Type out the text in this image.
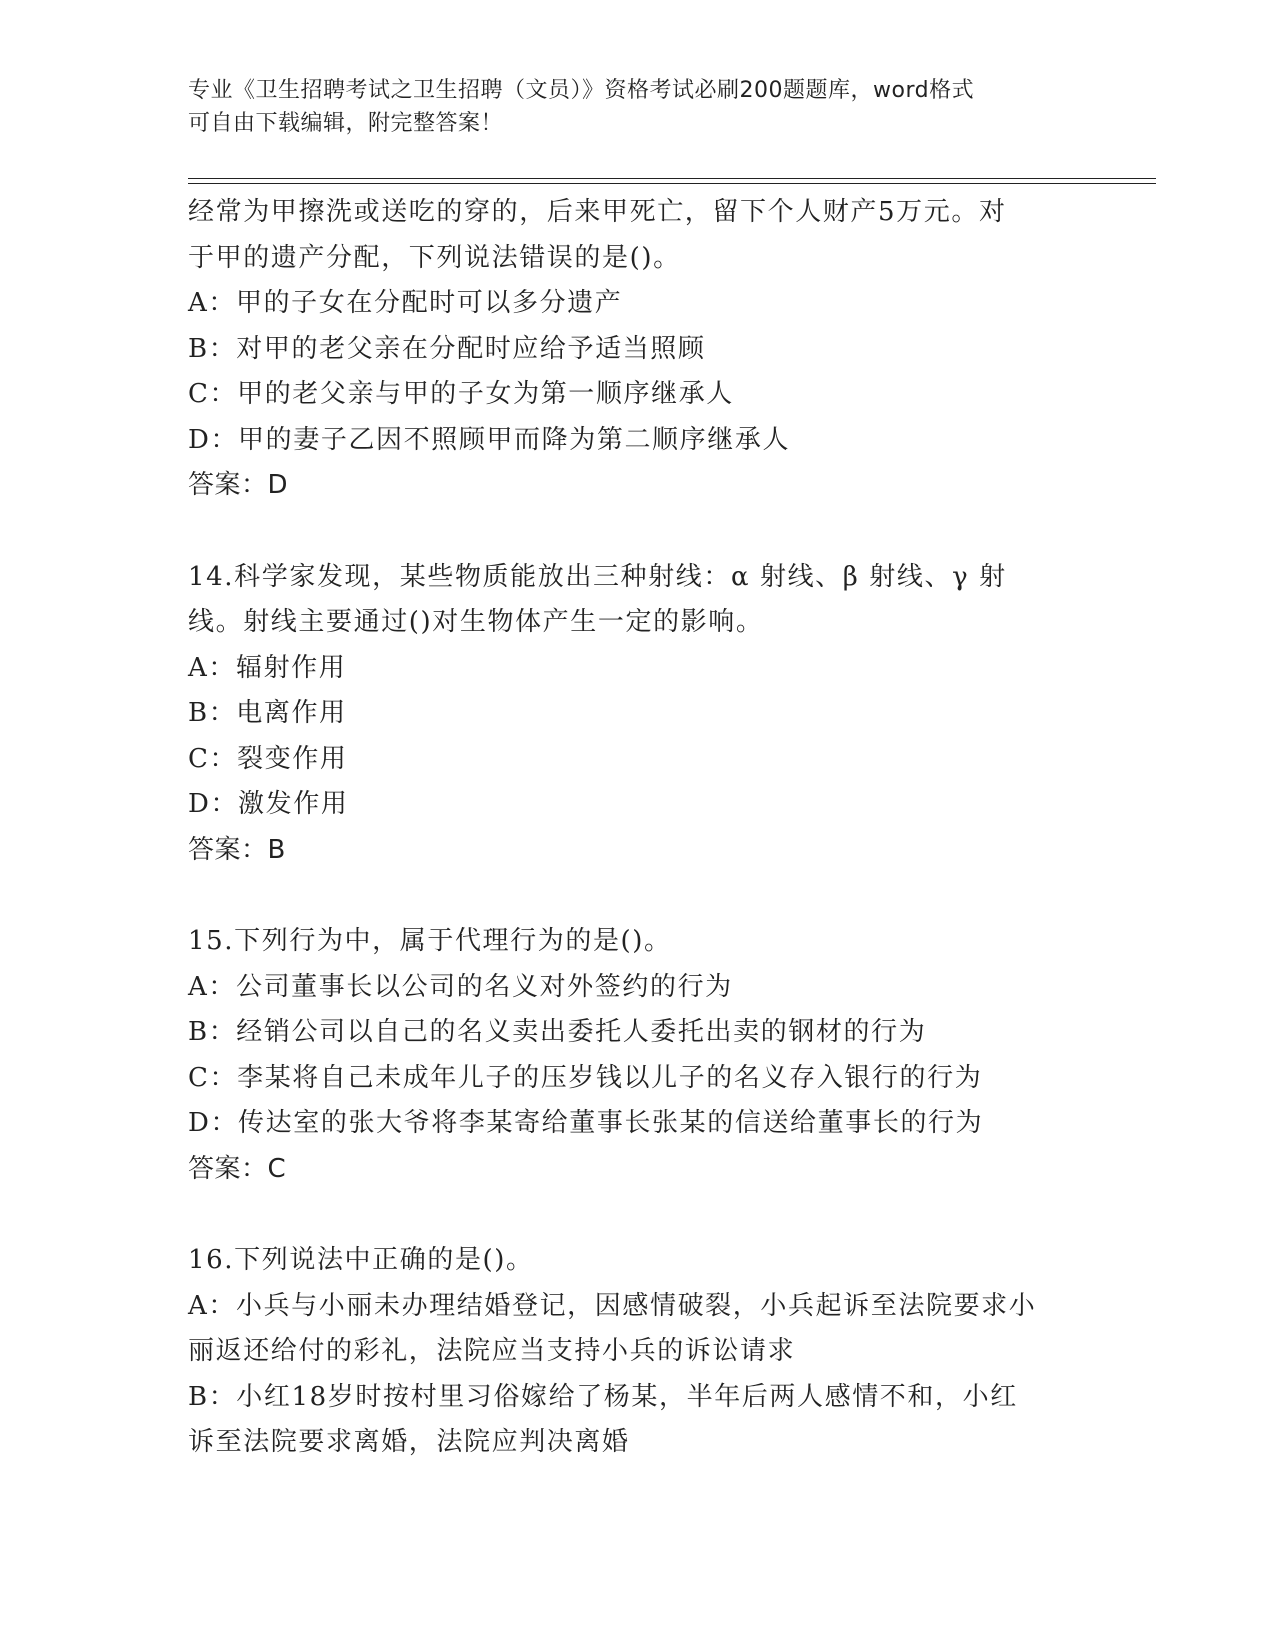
专业《卫生招聘考试之卫生招聘（文员）》资格考试必刷200题题库，word格式
可自由下载编辑，附完整答案！
经常为甲擦洗或送吃的穿的，后来甲死亡，留下个人财产5万元。对
于甲的遗产分配，下列说法错误的是()。
A：甲的子女在分配时可以多分遗产
B：对甲的老父亲在分配时应给予适当照顾
C：甲的老父亲与甲的子女为第一顺序继承人
D：甲的妻子乙因不照顾甲而降为第二顺序继承人
答案：D
14.科学家发现，某些物质能放出三种射线：α 射线、β 射线、γ 射
线。射线主要通过()对生物体产生一定的影响。
A：辐射作用
B：电离作用
C：裂变作用
D：激发作用
答案：B
15.下列行为中，属于代理行为的是()。
A：公司董事长以公司的名义对外签约的行为
B：经销公司以自己的名义卖出委托人委托出卖的钢材的行为
C：李某将自己未成年儿子的压岁钱以儿子的名义存入银行的行为
D：传达室的张大爷将李某寄给董事长张某的信送给董事长的行为
答案：C
16.下列说法中正确的是()。
A：小兵与小丽未办理结婚登记，因感情破裂，小兵起诉至法院要求小
丽返还给付的彩礼，法院应当支持小兵的诉讼请求
B：小红18岁时按村里习俗嫁给了杨某，半年后两人感情不和，小红
诉至法院要求离婚，法院应判决离婚
